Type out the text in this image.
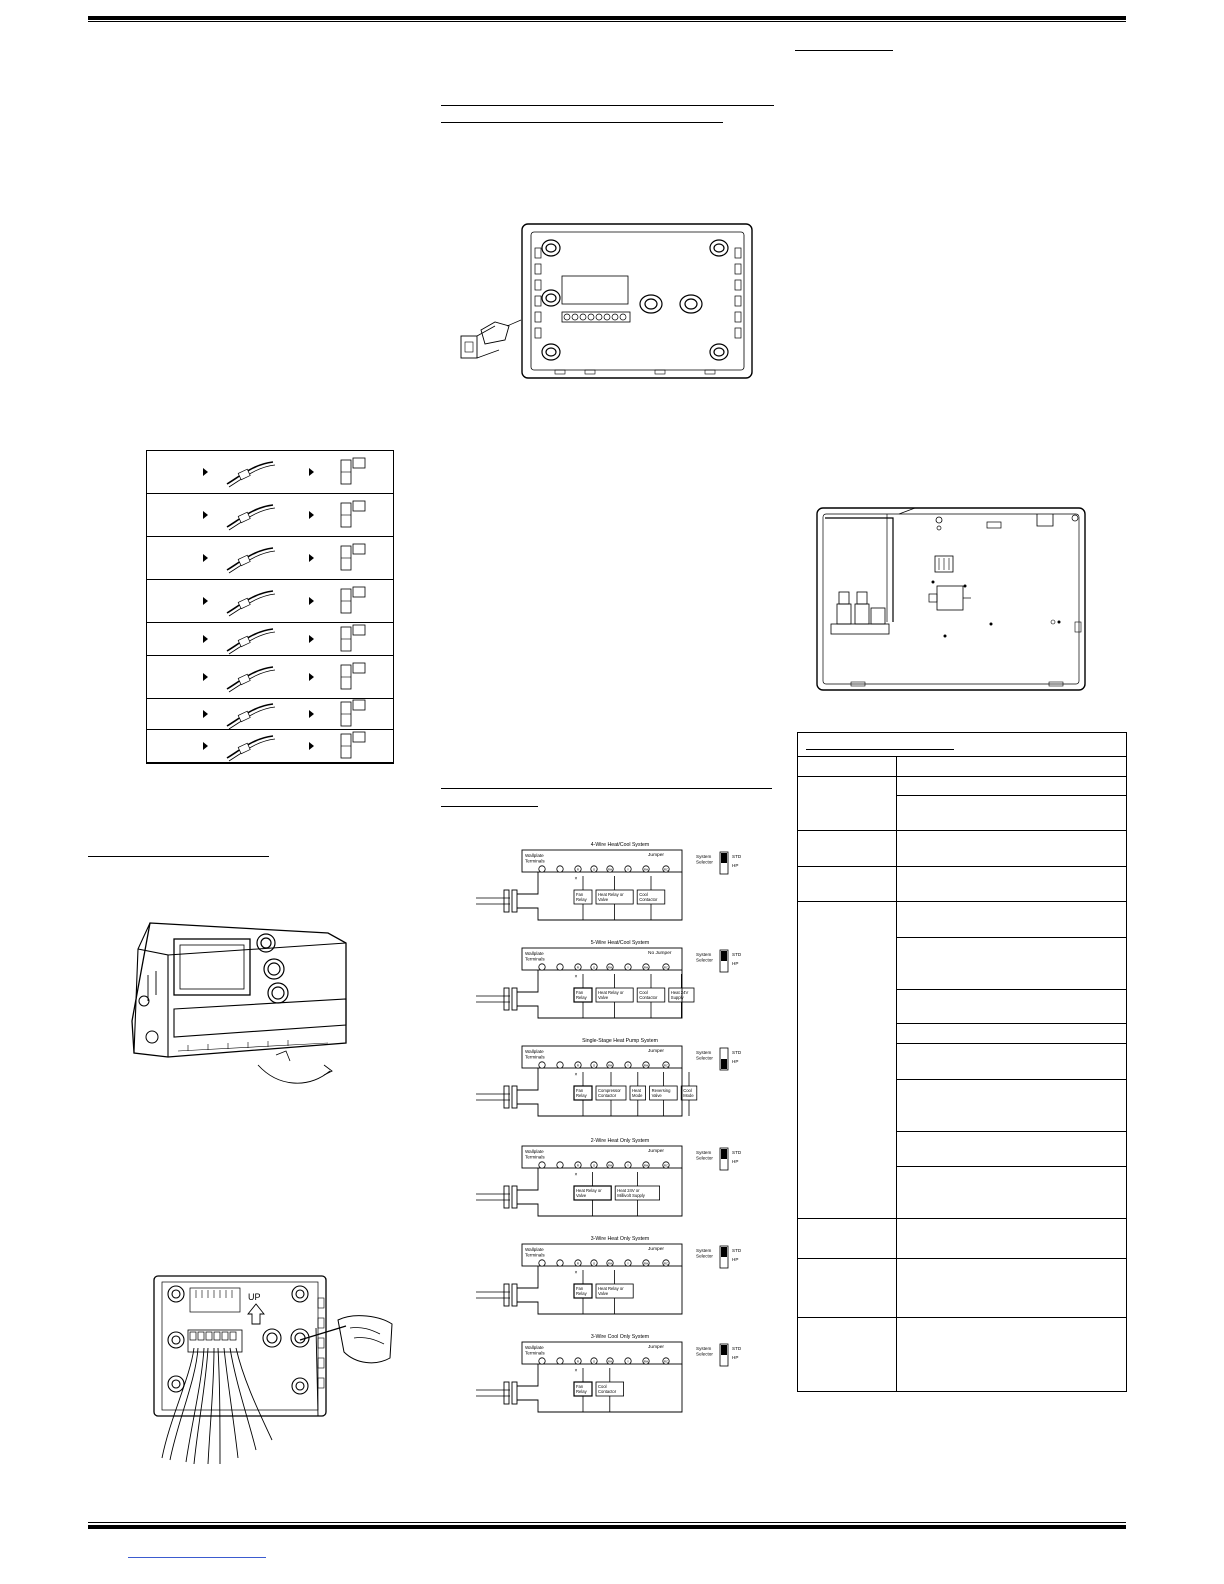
UP
4-Wire Heat/Cool System
Wallplate Terminals
Jumper	System Selector
STD
HP
R	G	RH	Y	RH	RC
×
Fan Relay
Heat Relay or Valve
Cool Contactor
5-Wire Heat/Cool System
Wallplate Terminals
No Jumper	System Selector
STD
HP
R	G	RH	Y	RH	RC
×
Fan Relay
Heat Relay or Valve
Cool Contactor
Heat 24V Supply
Single-Stage Heat Pump System
Wallplate Terminals
Jumper	System Selector
STD
HP
R	G	RH	Y	RH	RC
×
Fan Relay
Compressor Contactor
Heat Mode
Reversing Valve
Cool Mode
2-Wire Heat Only System
Wallplate Terminals
Jumper	System Selector
STD
HP
R	G	RH	Y	RH	RC
×
Heat Relay or Valve
Heat 24V or Millivolt Supply
3-Wire Heat Only System
Wallplate Terminals
Jumper	System Selector
STD
HP
R	G	RH	Y	RH	RC
×
Fan Relay
Heat Relay or Valve
3-Wire Cool Only System
Wallplate Terminals
Jumper	System Selector
STD
HP
R	G	RH	Y	RH	RC
×
Fan Relay
Cool Contactor
